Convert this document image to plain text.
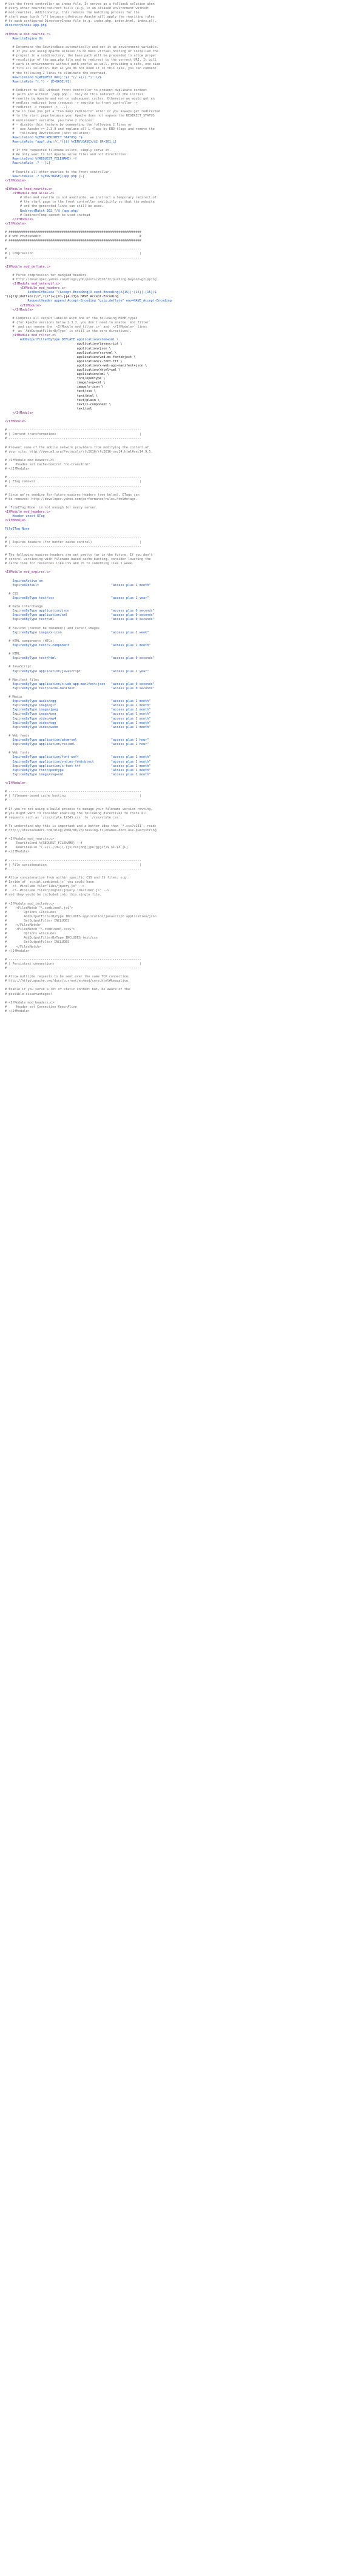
# Use the front controller as index file. It serves as a fallback solution when
# every other rewrite/redirect fails (e.g. in an aliased environment without
# mod_rewrite). Additionally, this reduces the matching process for the
# start page (path "/") because otherwise Apache will apply the rewriting rules
# to each configured DirectoryIndex file (e.g. index.php, index.html, index.pl).
DirectoryIndex app.php
<IfModule mod_rewrite.c>
RewriteEngine On
# Determine the RewriteBase automatically and set it as environment variable.
# If you are using Apache aliases to do mass virtual hosting or installed the
# project in a subdirectory, the base path will be prepended to allow proper
# resolution of the app.php file and to redirect to the correct URI. It will
# work in environments without path prefix as well, providing a safe, one-size
# fits all solution. But as you do not need it in this case, you can comment
# the following 2 lines to eliminate the overhead.
RewriteCond %{REQUEST_URI}::$1 ^(/.+)/(.*)::\2$
RewriteRule ^(.*) - [E=BASE:%1]
# Redirect to URI without front controller to prevent duplicate content
# (with and without `/app.php`). Only do this redirect on the initial
# rewrite by Apache and not on subsequent cycles. Otherwise we would get an
# endless redirect loop (request -> rewrite to front controller ->
# redirect -> request -> ...).
# So in case you get a "too many redirects" error or you always get redirected
# to the start page because your Apache does not expose the REDIRECT_STATUS
# environment variable, you have 2 choices:
# - disable this feature by commenting the following 2 lines or
# - use Apache >= 2.3.9 and replace all L flags by END flags and remove the
#   following RewriteCond (best solution)
RewriteCond %{ENV:REDIRECT_STATUS} ^$
RewriteRule ^app\.php(/(.*)|$) %{ENV:BASE}/$2 [R=301,L]
# If the requested filename exists, simply serve it.
# We only want to let Apache serve files and not directories.
RewriteCond %{REQUEST_FILENAME} -f
RewriteRule .? - [L]
# Rewrite all other queries to the front controller.
RewriteRule .? %{ENV:BASE}/app.php [L]
</IfModule>
<IfModule !mod_rewrite.c>
<IfModule mod_alias.c>
# When mod_rewrite is not available, we instruct a temporary redirect of
# the start page to the front controller explicitly so that the website
# and the generated links can still be used.
RedirectMatch 302 ^/$ /app.php/
# RedirectTemp cannot be used instead
</IfModule>
</IfModule>
# ######################################################################
# # WEB PERFORMANCE                                                    #
# ######################################################################
# ----------------------------------------------------------------------
# | Compression                                                        |
# ----------------------------------------------------------------------
<IfModule mod_deflate.c>
# Force compression for mangled headers.
# http://developer.yahoo.com/blogs/ydn/posts/2010/12/pushing-beyond-gzipping
<IfModule mod_setenvif.c>
<IfModule mod_headers.c>
SetEnvIfNoCase ^(Accept-EncodXng|X-cept-Encoding|X{15}|~{15}|-{15})$
^((gzip|deflate)\s*,?\s*)+|[X~-]{4,13}$ HAVE_Accept-Encoding
RequestHeader append Accept-Encoding "gzip,deflate" env=HAVE_Accept-Encoding
</IfModule>
</IfModule>
# Compress all output labeled with one of the following MIME-types
# (for Apache versions below 2.3.7, you don't need to enable `mod_filter`
#  and can remove the `<IfModule mod_filter.c>` and `</IfModule>` lines
#  as `AddOutputFilterByType` is still in the core directives).
<IfModule mod_filter.c>
AddOutputFilterByType DEFLATE application/atom+xml \
application/javascript \
application/json \
application/rss+xml \
application/vnd.ms-fontobject \
application/x-font-ttf \
application/x-web-app-manifest+json \
application/xhtml+xml \
application/xml \
font/opentype \
image/svg+xml \
image/x-icon \
text/css \
text/html \
text/plain \
text/x-component \
text/xml
</IfModule>
</IfModule>
# ----------------------------------------------------------------------
# | Content transformations                                            |
# ----------------------------------------------------------------------
# Prevent some of the mobile network providers from modifying the content of
# your site: http://www.w3.org/Protocols/rfc2616/rfc2616-sec14.html#sec14.9.5.
# <IfModule mod_headers.c>
#     Header set Cache-Control "no-transform"
# </IfModule>
# ----------------------------------------------------------------------
# | ETag removal                                                       |
# ----------------------------------------------------------------------
# Since we're sending far-future expires headers (see below), ETags can
# be removed: http://developer.yahoo.com/performance/rules.html#etags.
# `FileETag None` is not enough for every server.
<IfModule mod_headers.c>
Header unset ETag
</IfModule>
FileETag None
# ----------------------------------------------------------------------
# | Expires headers (for better cache control)                         |
# ----------------------------------------------------------------------
# The following expires headers are set pretty far in the future. If you don't
# control versioning with filename-based cache busting, consider lowering the
# cache time for resources like CSS and JS to something like 1 week.
<IfModule mod_expires.c>
ExpiresActive on
ExpiresDefault                                      "access plus 1 month"
# CSS
ExpiresByType text/css                              "access plus 1 year"
# Data interchange
ExpiresByType application/json                      "access plus 0 seconds"
ExpiresByType application/xml                       "access plus 0 seconds"
ExpiresByType text/xml                              "access plus 0 seconds"
# Favicon (cannot be renamed!) and cursor images
ExpiresByType image/x-icon                          "access plus 1 week"
# HTML components (HTCs)
ExpiresByType text/x-component                      "access plus 1 month"
# HTML
ExpiresByType text/html                             "access plus 0 seconds"
# JavaScript
ExpiresByType application/javascript                "access plus 1 year"
# Manifest files
ExpiresByType application/x-web-app-manifest+json   "access plus 0 seconds"
ExpiresByType text/cache-manifest                   "access plus 0 seconds"
# Media
ExpiresByType audio/ogg                             "access plus 1 month"
ExpiresByType image/gif                             "access plus 1 month"
ExpiresByType image/jpeg                            "access plus 1 month"
ExpiresByType image/png                             "access plus 1 month"
ExpiresByType video/mp4                             "access plus 1 month"
ExpiresByType video/ogg                             "access plus 1 month"
ExpiresByType video/webm                            "access plus 1 month"
# Web feeds
ExpiresByType application/atom+xml                  "access plus 1 hour"
ExpiresByType application/rss+xml                   "access plus 1 hour"
# Web fonts
ExpiresByType application/font-woff                 "access plus 1 month"
ExpiresByType application/vnd.ms-fontobject         "access plus 1 month"
ExpiresByType application/x-font-ttf                "access plus 1 month"
ExpiresByType font/opentype                         "access plus 1 month"
ExpiresByType image/svg+xml                         "access plus 1 month"
</IfModule>
# ----------------------------------------------------------------------
# | Filename-based cache busting                                       |
# ----------------------------------------------------------------------
# If you're not using a build process to manage your filename version revving,
# you might want to consider enabling the following directives to route all
# requests such as `/css/style.12345.css` to `/css/style.css`.
# To understand why this is important and a better idea than `*.css?v231`, read:
# http://stevesouders.com/blog/2008/08/23/revving-filenames-dont-use-querystring
# <IfModule mod_rewrite.c>
#     RewriteCond %{REQUEST_FILENAME} !-f
#     RewriteRule ^(.+)\.(\d+)\.(js|css|png|jpe?g|gif)$ $1.$3 [L]
# </IfModule>
# ----------------------------------------------------------------------
# | File concatenation                                                 |
# ----------------------------------------------------------------------
# Allow concatenation from within specific CSS and JS files, e.g.:
# Inside of `script.combined.js` you could have
#   <!--#include file="libs/jquery.js" -->
#   <!--#include file="plugins/jquery.idletimer.js" -->
# and they would be included into this single file.
# <IfModule mod_include.c>
#     <FilesMatch "\.combined\.js$">
#         Options +Includes
#         AddOutputFilterByType INCLUDES application/javascript application/json
#         SetOutputFilter INCLUDES
#     </FilesMatch>
#     <FilesMatch "\.combined\.css$">
#         Options +Includes
#         AddOutputFilterByType INCLUDES text/css
#         SetOutputFilter INCLUDES
#     </FilesMatch>
# </IfModule>
# ----------------------------------------------------------------------
# | Persistent connections                                             |
# ----------------------------------------------------------------------
# Allow multiple requests to be sent over the same TCP connection:
# http://httpd.apache.org/docs/current/en/mod/core.html#keepalive.
# Enable if you serve a lot of static content but, be aware of the
# possible disadvantages!
# <IfModule mod_headers.c>
#     Header set Connection Keep-Alive
# </IfModule>
